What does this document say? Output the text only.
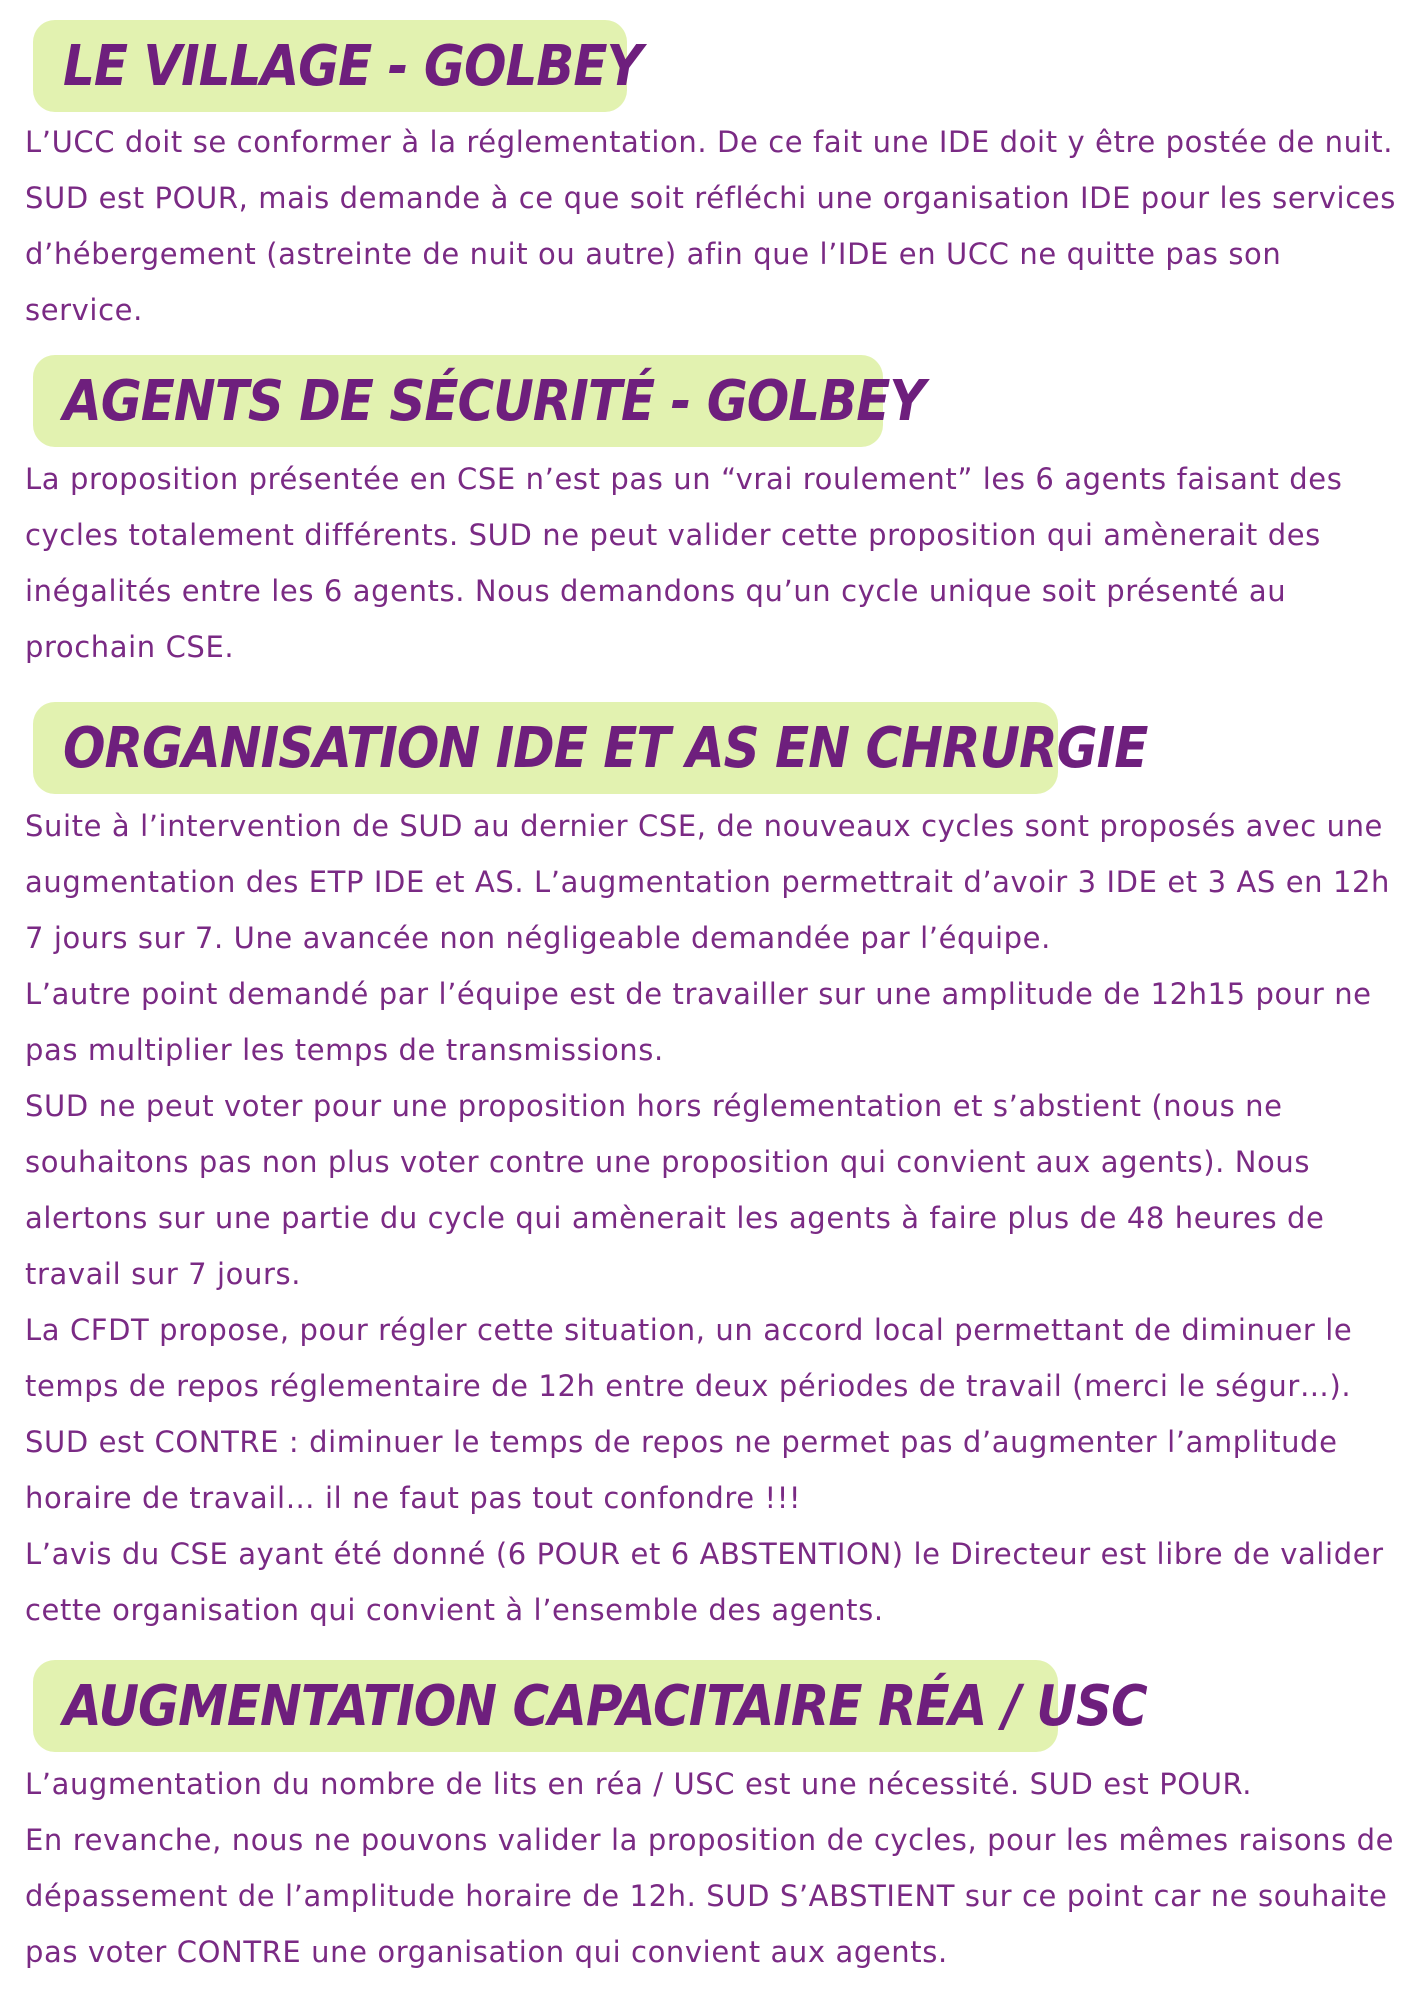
LE VILLAGE - GOLBEY

L’UCC doit se conformer à la réglementation. De ce fait une IDE doit y être postée de nuit. SUD est POUR, mais demande à ce que soit réfléchi une organisation IDE pour les services d’hébergement (astreinte de nuit ou autre) afin que l’IDE en UCC ne quitte pas son service.

AGENTS DE SÉCURITÉ - GOLBEY

La proposition présentée en CSE n’est pas un “vrai roulement” les 6 agents faisant des cycles totalement différents. SUD ne peut valider cette proposition qui amènerait des inégalités entre les 6 agents. Nous demandons qu’un cycle unique soit présenté au prochain CSE.

ORGANISATION IDE ET AS EN CHRURGIE

Suite à l’intervention de SUD au dernier CSE, de nouveaux cycles sont proposés avec une augmentation des ETP IDE et AS. L’augmentation permettrait d’avoir 3 IDE et 3 AS en 12h 7 jours sur 7. Une avancée non négligeable demandée par l’équipe.

L’autre point demandé par l’équipe est de travailler sur une amplitude de 12h15 pour ne pas multiplier les temps de transmissions.

SUD ne peut voter pour une proposition hors réglementation et s’abstient (nous ne souhaitons pas non plus voter contre une proposition qui convient aux agents). Nous alertons sur une partie du cycle qui amènerait les agents à faire plus de 48 heures de travail sur 7 jours.

La CFDT propose, pour régler cette situation, un accord local permettant de diminuer le temps de repos réglementaire de 12h entre deux périodes de travail (merci le ségur…). SUD est CONTRE : diminuer le temps de repos ne permet pas d’augmenter l’amplitude horaire de travail… il ne faut pas tout confondre !!!

L’avis du CSE ayant été donné (6 POUR et 6 ABSTENTION) le Directeur est libre de valider cette organisation qui convient à l’ensemble des agents.

AUGMENTATION CAPACITAIRE RÉA / USC

L’augmentation du nombre de lits en réa / USC est une nécessité. SUD est POUR.

En revanche, nous ne pouvons valider la proposition de cycles, pour les mêmes raisons de dépassement de l’amplitude horaire de 12h. SUD S’ABSTIENT sur ce point car ne souhaite pas voter CONTRE une organisation qui convient aux agents.
